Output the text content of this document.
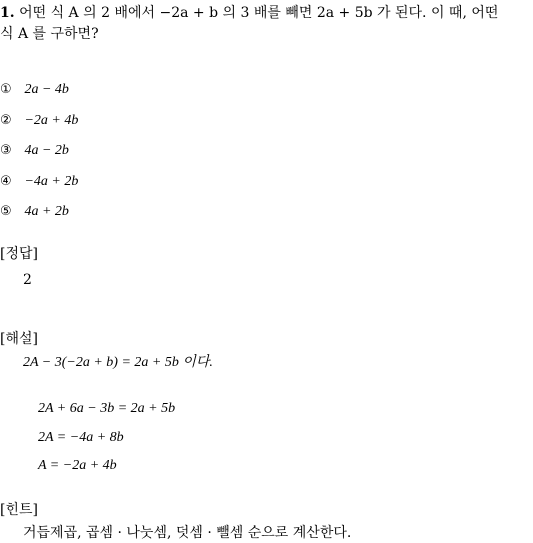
1. 어떤 식 A 의 2 배에서 −2a + b 의 3 배를 빼면 2a + 5b 가 된다. 이 때, 어떤
식 A 를 구하면?
① 2a − 4b
② −2a + 4b
③ 4a − 2b
④ −4a + 2b
⑤ 4a + 2b
[정답]
2
[해설]
2A − 3(−2a + b) = 2a + 5b 이다.
2A + 6a − 3b = 2a + 5b
2A = −4a + 8b
A = −2a + 4b
[힌트]
거듭제곱, 곱셈 · 나눗셈, 덧셈 · 뺄셈 순으로 계산한다.
